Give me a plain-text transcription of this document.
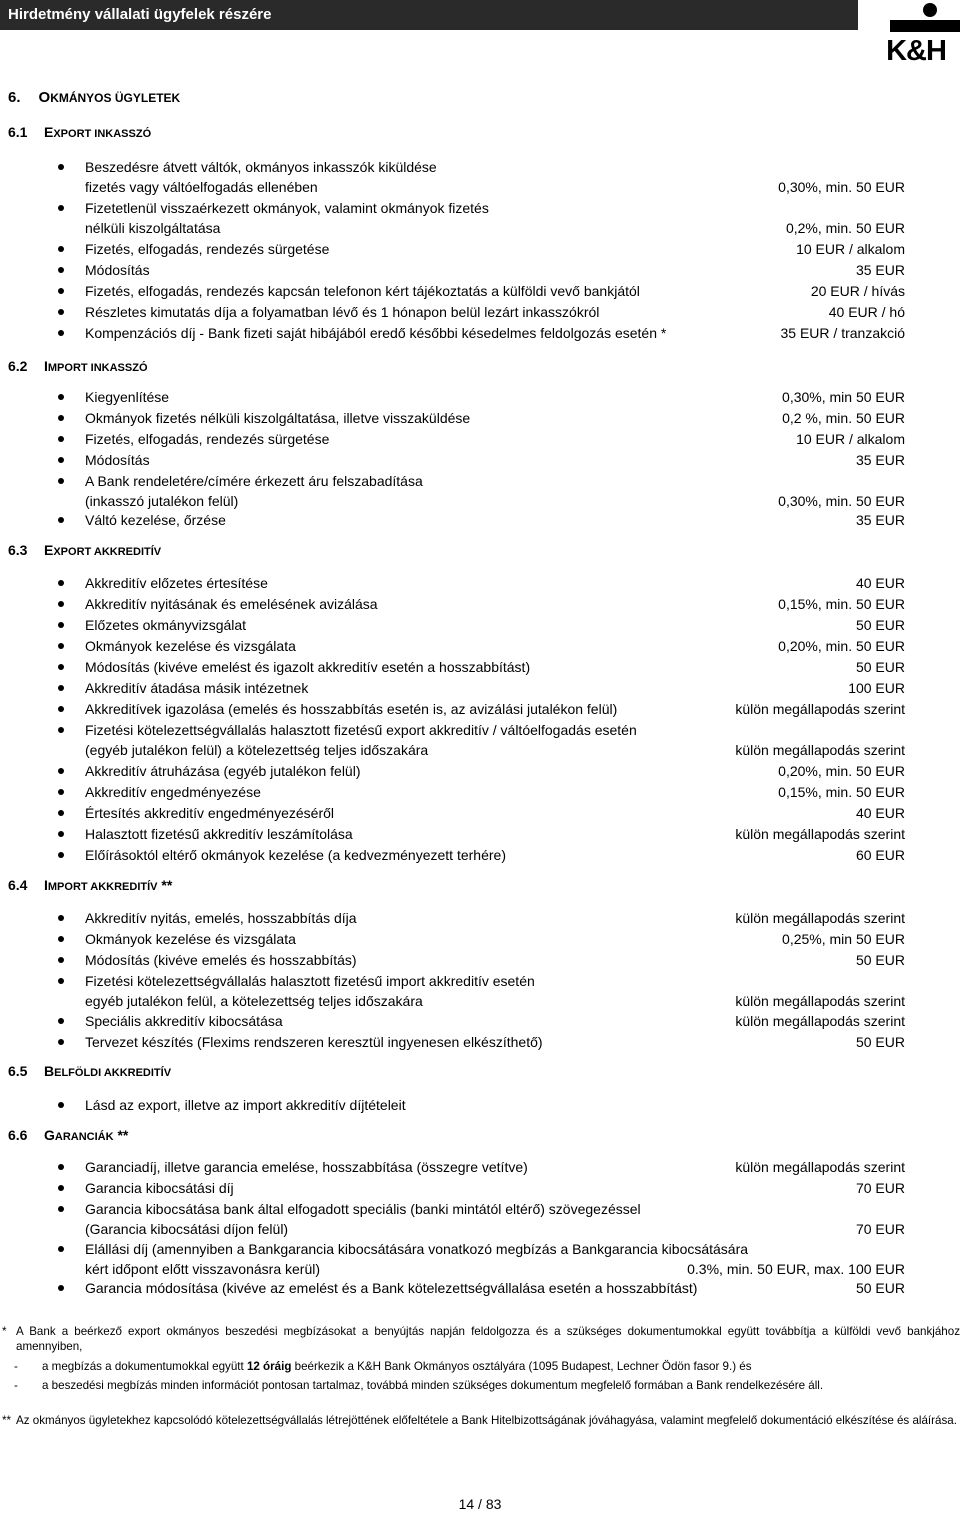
Hirdetmény vállalati ügyfelek részére
K&H
6. OKMÁNYOS ÜGYLETEK
6.1 EXPORT INKASSZÓ
Beszedésre átvett váltók, okmányos inkasszók kiküldése
fizetés vagy váltóelfogadás ellenében	0,30%, min. 50 EUR
Fizetetlenül visszaérkezett okmányok, valamint okmányok fizetés
nélküli kiszolgáltatása	0,2%, min. 50 EUR
Fizetés, elfogadás, rendezés sürgetése	10 EUR / alkalom
Módosítás	35 EUR
Fizetés, elfogadás, rendezés kapcsán telefonon kért tájékoztatás a külföldi vevő bankjától	20 EUR / hívás
Részletes kimutatás díja a folyamatban lévő és 1 hónapon belül lezárt inkasszókról	40 EUR / hó
Kompenzációs díj - Bank fizeti saját hibájából eredő későbbi késedelmes feldolgozás esetén *	35 EUR / tranzakció
6.2 IMPORT INKASSZÓ
Kiegyenlítése	0,30%, min 50 EUR
Okmányok fizetés nélküli kiszolgáltatása, illetve visszaküldése	0,2 %, min. 50 EUR
Fizetés, elfogadás, rendezés sürgetése	10 EUR / alkalom
Módosítás	35 EUR
A Bank rendeletére/címére érkezett áru felszabadítása
(inkasszó jutalékon felül)	0,30%, min. 50 EUR
Váltó kezelése, őrzése	35 EUR
6.3 EXPORT AKKREDITÍV
Akkreditív előzetes értesítése	40 EUR
Akkreditív nyitásának és emelésének avizálása	0,15%, min. 50 EUR
Előzetes okmányvizsgálat	50 EUR
Okmányok kezelése és vizsgálata	0,20%, min. 50 EUR
Módosítás (kivéve emelést és igazolt akkreditív esetén a hosszabbítást)	50 EUR
Akkreditív átadása másik intézetnek	100 EUR
Akkreditívek igazolása (emelés és hosszabbítás esetén is, az avizálási jutalékon felül)	külön megállapodás szerint
Fizetési kötelezettségvállalás halasztott fizetésű export akkreditív / váltóelfogadás esetén
(egyéb jutalékon felül) a kötelezettség teljes időszakára	külön megállapodás szerint
Akkreditív átruházása (egyéb jutalékon felül)	0,20%, min. 50 EUR
Akkreditív engedményezése	0,15%, min. 50 EUR
Értesítés akkreditív engedményezéséről	40 EUR
Halasztott fizetésű akkreditív leszámítolása	külön megállapodás szerint
Előírásoktól eltérő okmányok kezelése (a kedvezményezett terhére)	60 EUR
6.4 IMPORT AKKREDITÍV **
Akkreditív nyitás, emelés, hosszabbítás díja	külön megállapodás szerint
Okmányok kezelése és vizsgálata	0,25%, min 50 EUR
Módosítás (kivéve emelés és hosszabbítás)	50 EUR
Fizetési kötelezettségvállalás halasztott fizetésű import akkreditív esetén
egyéb jutalékon felül, a kötelezettség teljes időszakára	külön megállapodás szerint
Speciális akkreditív kibocsátása	külön megállapodás szerint
Tervezet készítés (Flexims rendszeren keresztül ingyenesen elkészíthető)	50 EUR
6.5 BELFÖLDI AKKREDITÍV
Lásd az export, illetve az import akkreditív díjtételeit
6.6 GARANCIÁK **
Garanciadíj, illetve garancia emelése, hosszabbítása (összegre vetítve)	külön megállapodás szerint
Garancia kibocsátási díj	70 EUR
Garancia kibocsátása bank által elfogadott speciális (banki mintától eltérő) szövegezéssel
(Garancia kibocsátási díjon felül)	70 EUR
Elállási díj (amennyiben a Bankgarancia kibocsátására vonatkozó megbízás a Bankgarancia kibocsátására
kért időpont előtt visszavonásra kerül)	0.3%, min. 50 EUR, max. 100 EUR
Garancia módosítása (kivéve az emelést és a Bank kötelezettségvállalása esetén a hosszabbítást)	50 EUR
* A Bank a beérkező export okmányos beszedési megbízásokat a benyújtás napján feldolgozza és a szükséges dokumentumokkal együtt továbbítja a külföldi vevő bankjához amennyiben,
- a megbízás a dokumentumokkal együtt 12 óráig beérkezik a K&H Bank Okmányos osztályára (1095 Budapest, Lechner Ödön fasor 9.) és
- a beszedési megbízás minden információt pontosan tartalmaz, továbbá minden szükséges dokumentum megfelelő formában a Bank rendelkezésére áll.
** Az okmányos ügyletekhez kapcsolódó kötelezettségvállalás létrejöttének előfeltétele a Bank Hitelbizottságának jóváhagyása, valamint megfelelő dokumentáció elkészítése és aláírása.
14 / 83
